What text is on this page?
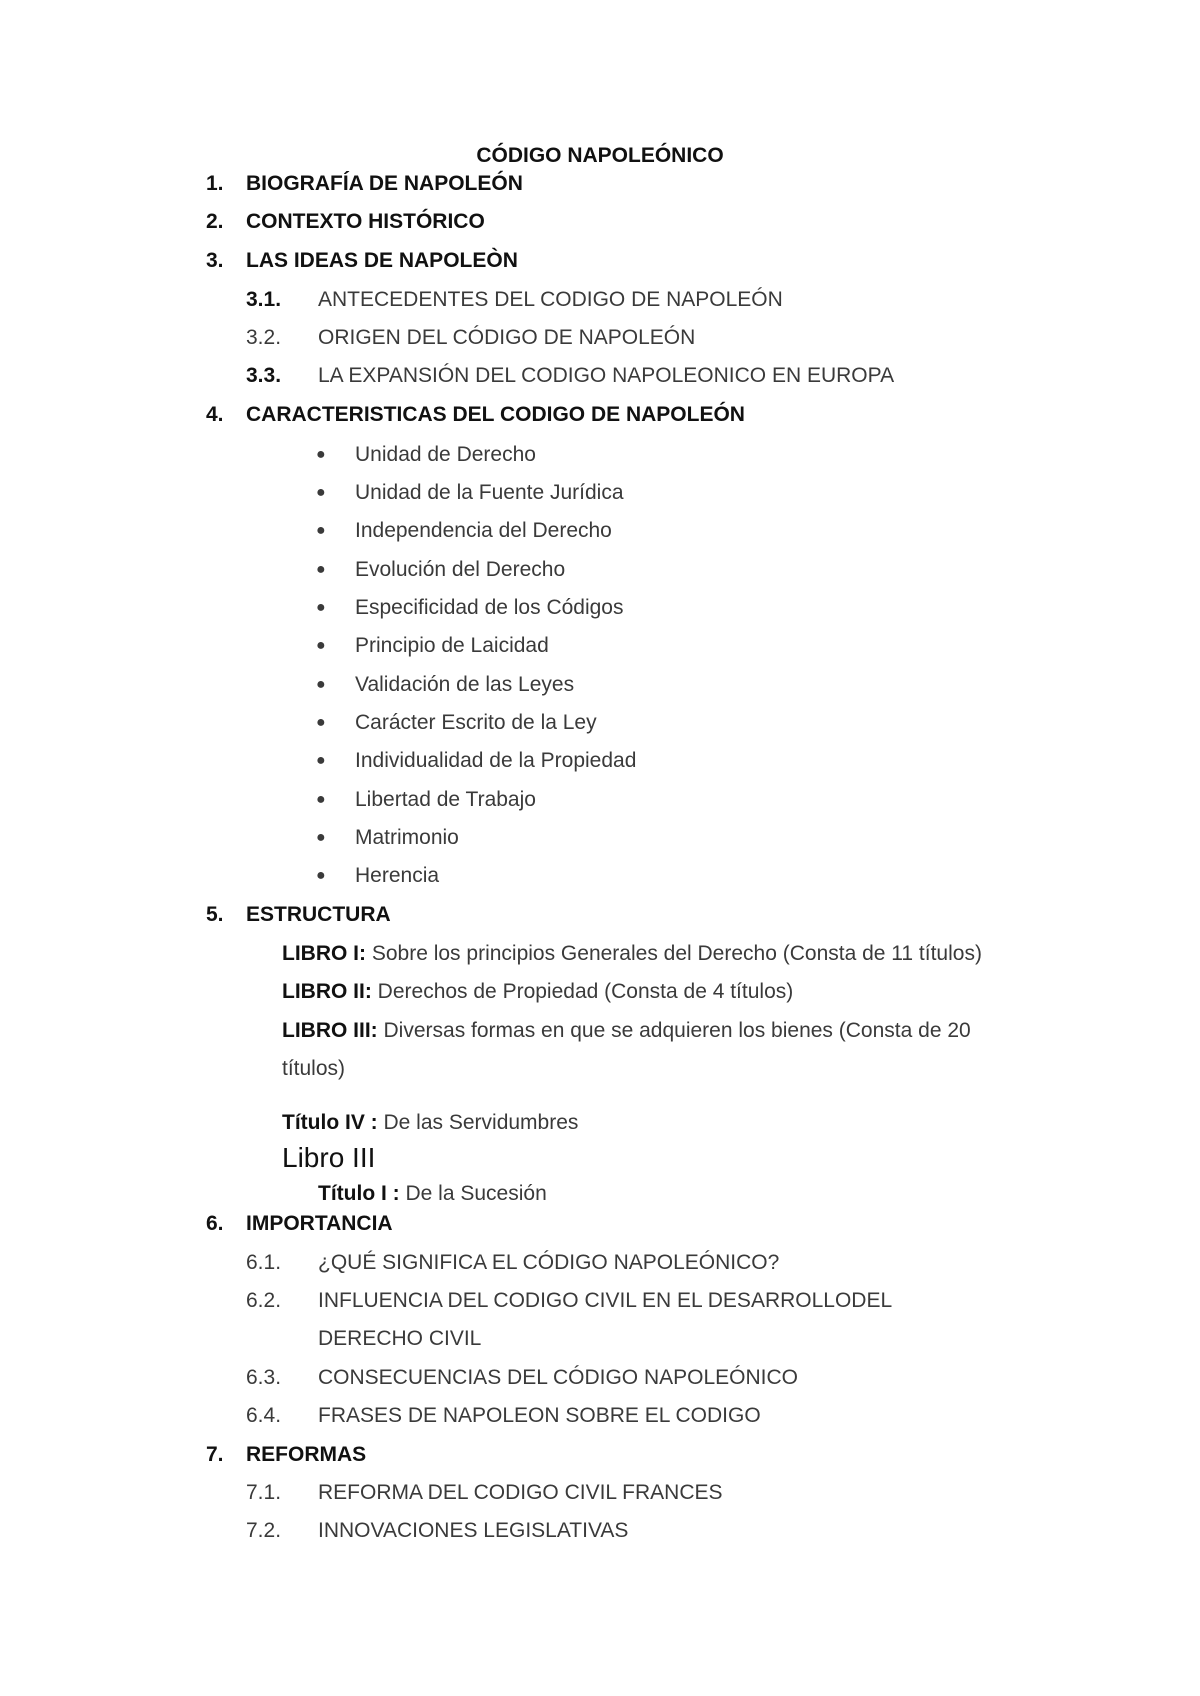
CÓDIGO NAPOLEÓNICO
1. BIOGRAFÍA DE NAPOLEÓN
2. CONTEXTO HISTÓRICO
3. LAS IDEAS DE NAPOLEÒN
3.1. ANTECEDENTES DEL CODIGO DE NAPOLEÓN
3.2. ORIGEN DEL CÓDIGO DE NAPOLEÓN
3.3. LA EXPANSIÓN DEL CODIGO NAPOLEONICO EN EUROPA
4. CARACTERISTICAS DEL CODIGO DE NAPOLEÓN
● Unidad de Derecho
● Unidad de la Fuente Jurídica
● Independencia del Derecho
● Evolución del Derecho
● Especificidad de los Códigos
● Principio de Laicidad
● Validación de las Leyes
● Carácter Escrito de la Ley
● Individualidad de la Propiedad
● Libertad de Trabajo
● Matrimonio
● Herencia
5. ESTRUCTURA
LIBRO I: Sobre los principios Generales del Derecho (Consta de 11 títulos)
LIBRO II: Derechos de Propiedad (Consta de 4 títulos)
LIBRO III: Diversas formas en que se adquieren los bienes (Consta de 20
títulos)
Título IV : De las Servidumbres
Libro III
Título I : De la Sucesión
6. IMPORTANCIA
6.1. ¿QUÉ SIGNIFICA EL CÓDIGO NAPOLEÓNICO?
6.2. INFLUENCIA DEL CODIGO CIVIL EN EL DESARROLLODEL
DERECHO CIVIL
6.3. CONSECUENCIAS DEL CÓDIGO NAPOLEÓNICO
6.4. FRASES DE NAPOLEON SOBRE EL CODIGO
7. REFORMAS
7.1. REFORMA DEL CODIGO CIVIL FRANCES
7.2. INNOVACIONES LEGISLATIVAS
